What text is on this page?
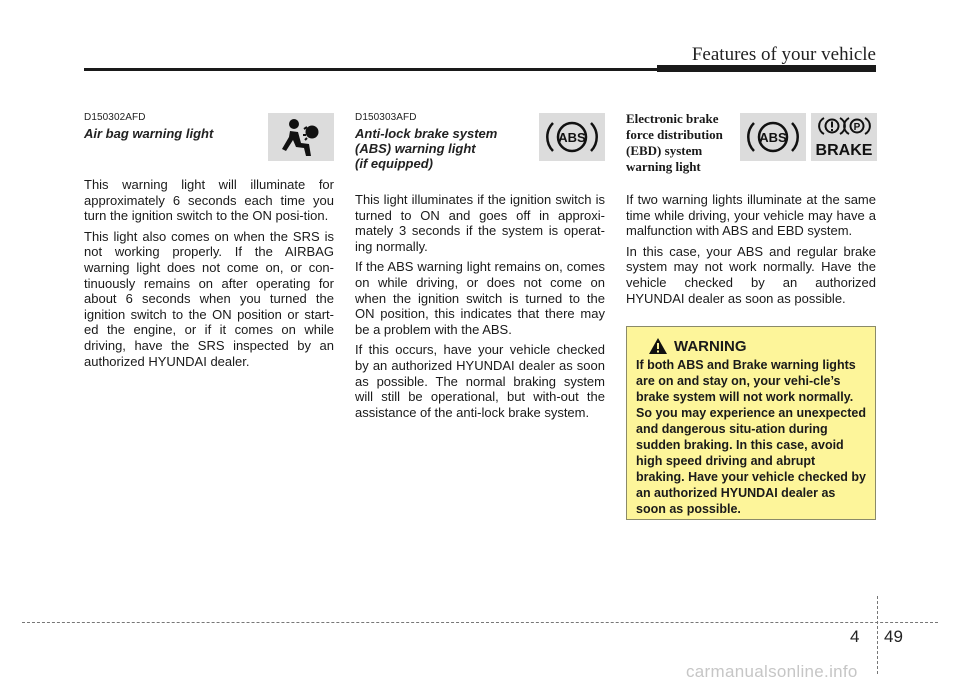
Features of your vehicle
D150302AFD
Air bag warning light

This warning light will illuminate for approximately 6 seconds each time you turn the ignition switch to the ON posi-tion.

This light also comes on when the SRS is not working properly. If the AIRBAG warning light does not come on, or con-tinuously remains on after operating for about 6 seconds when you turned the ignition switch to the ON position or start-ed the engine, or if it comes on while driving, have the SRS inspected by an authorized HYUNDAI dealer.

D150303AFD
Anti-lock brake system
(ABS) warning light
(if equipped)

This light illuminates if the ignition switch is turned to ON and goes off in approxi-mately 3 seconds if the system is operat-ing normally.

If the ABS warning light remains on, comes on while driving, or does not come on when the ignition switch is turned to the ON position, this indicates that there may be a problem with the ABS.

If this occurs, have your vehicle checked by an authorized HYUNDAI dealer as soon as possible. The normal braking system will still be operational, but with-out the assistance of the anti-lock brake system.

ABS
Electronic brake
force distribution
(EBD) system
warning light

If two warning lights illuminate at the same time while driving, your vehicle may have a malfunction with ABS and EBD system.

In this case, your ABS and regular brake system may not work normally. Have the vehicle checked by an authorized HYUNDAI dealer as soon as possible.

ABS
P
BRAKE
WARNING
If both ABS and Brake warning lights are on and stay on, your vehi-cle’s brake system will not work normally. So you may experience an unexpected and dangerous situ-ation during sudden braking. In this case, avoid high speed driving and abrupt braking. Have your vehicle checked by an authorized HYUNDAI dealer as soon as possible.
4 49
carmanualsonline.info
